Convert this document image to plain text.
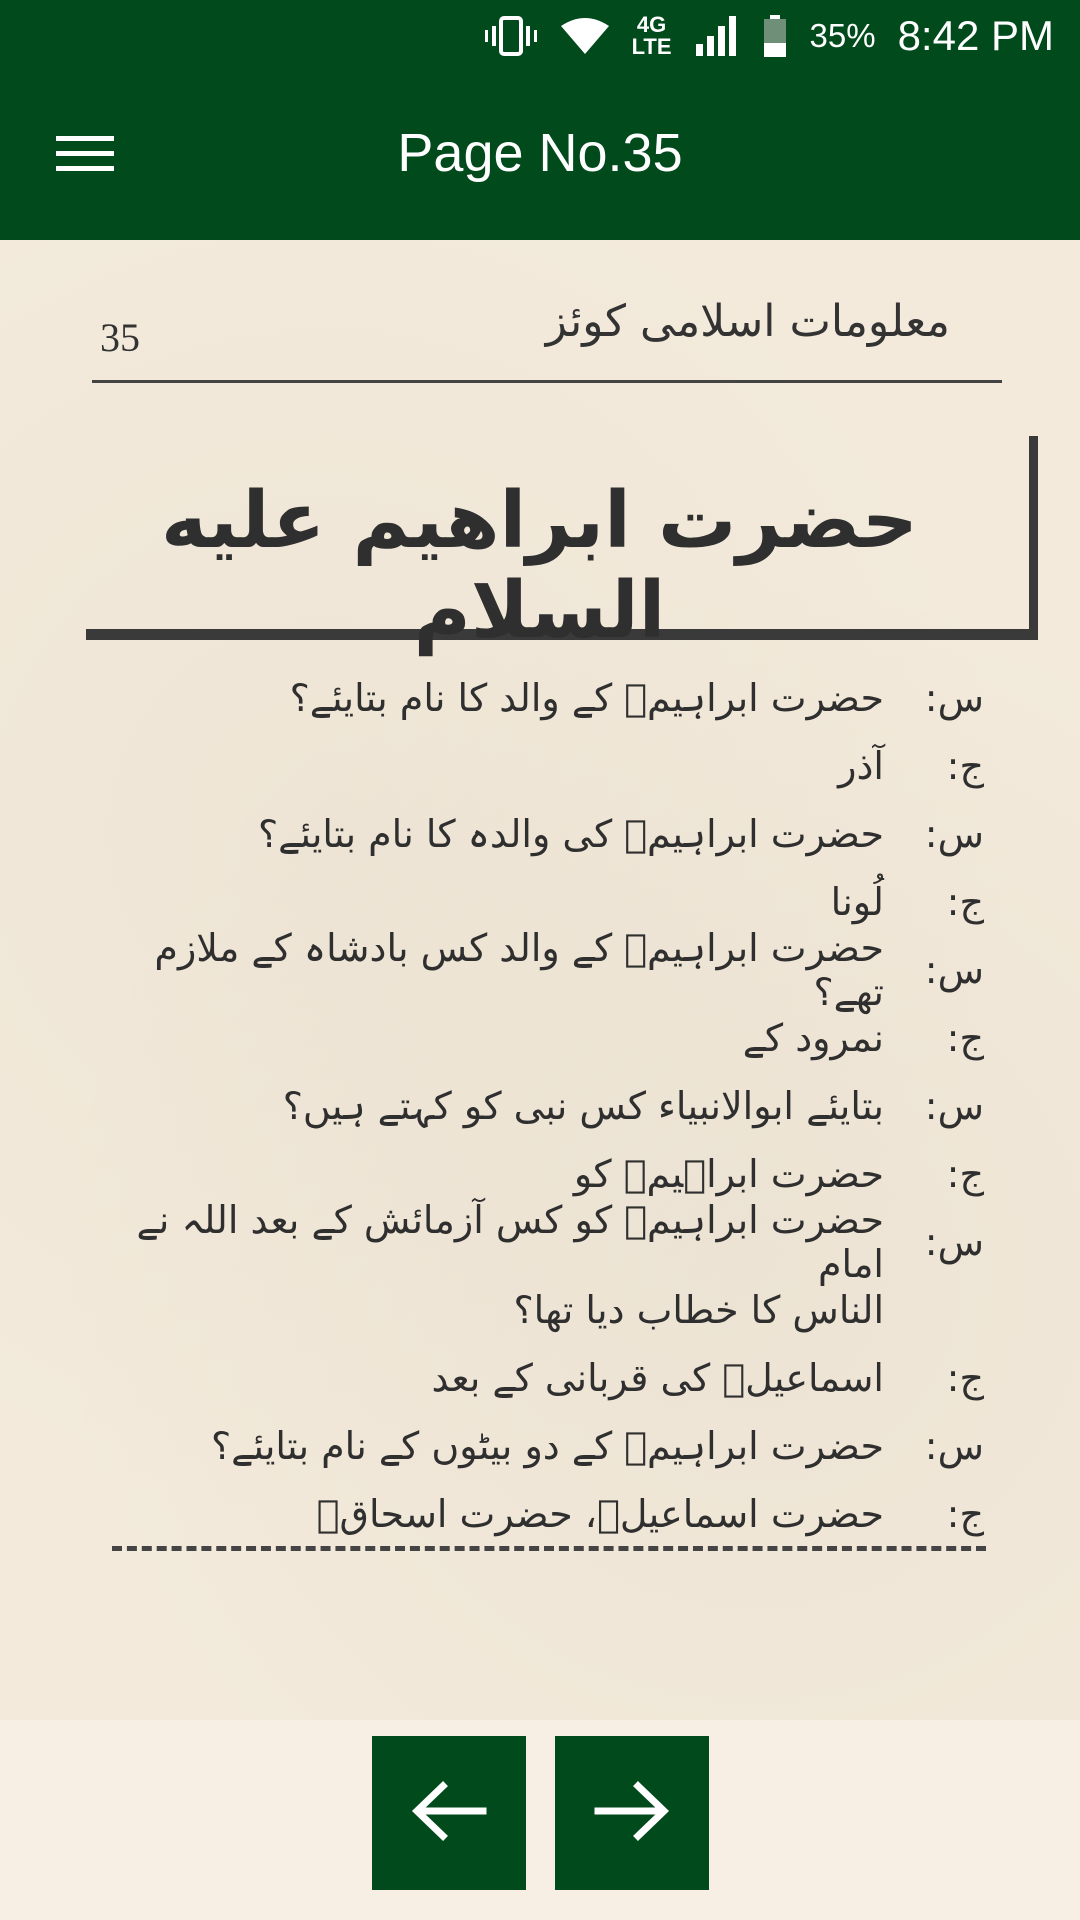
4G
LTE	35% 8:42 PM
Page No.35
35	معلومات اسلامی کوئز
حضرت ابراهیم علیه السلام
س:
حضرت ابراہیمؑ کے والد کا نام بتایئے؟
ج:
آذر
س:
حضرت ابراہیمؑ کی والدہ کا نام بتایئے؟
ج:
لُونا
س:
حضرت ابراہیمؑ کے والد کس بادشاہ کے ملازم تھے؟
ج:
نمرود کے
س:
بتایئے ابوالانبیاء کس نبی کو کہتے ہیں؟
ج:
حضرت ابراہیمؑ کو
س:
حضرت ابراہیمؑ کو کس آزمائش کے بعد اللہ نے امام
الناس کا خطاب دیا تھا؟
ج:
اسماعیلؑ کی قربانی کے بعد
س:
حضرت ابراہیمؑ کے دو بیٹوں کے نام بتایئے؟
ج:
حضرت اسماعیلؑ، حضرت اسحاقؑ
